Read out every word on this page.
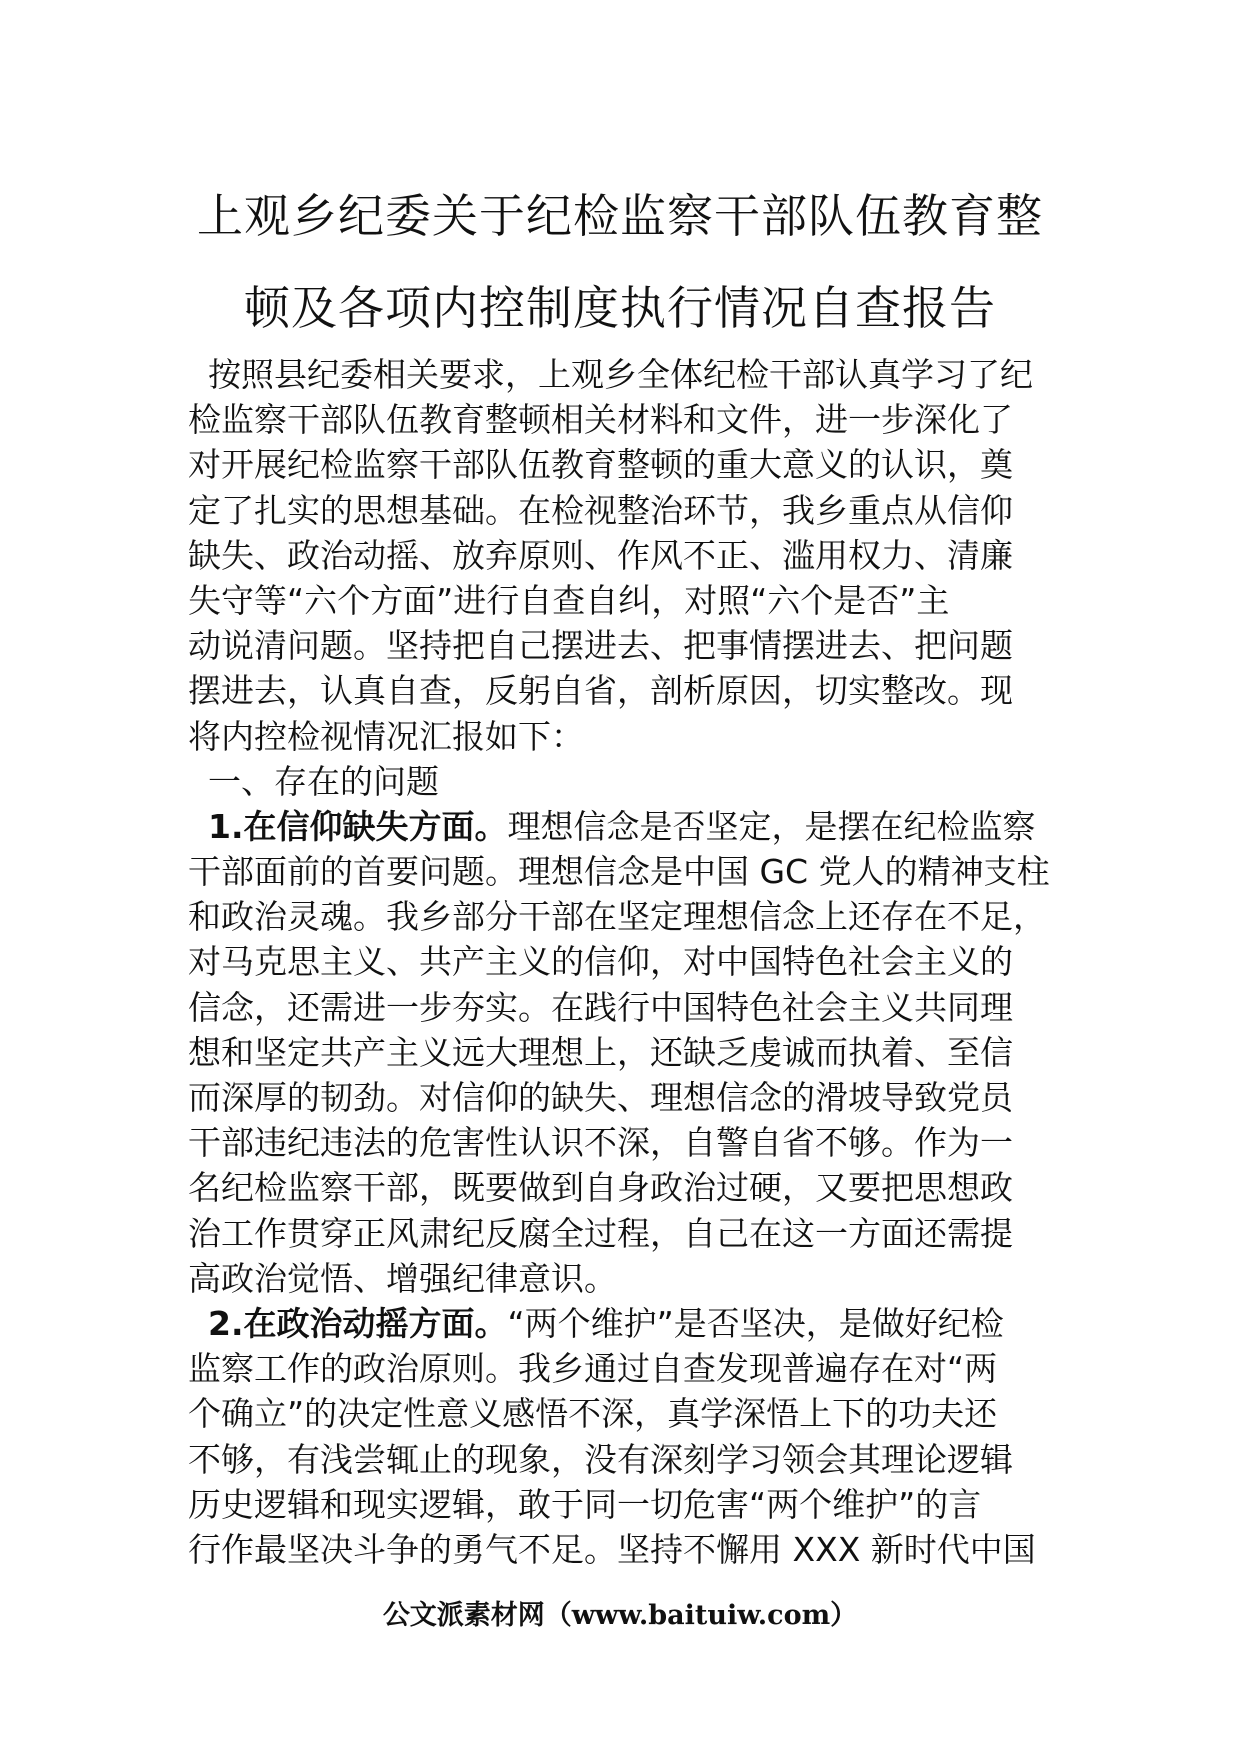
上观乡纪委关于纪检监察干部队伍教育整
顿及各项内控制度执行情况自查报告
按照县纪委相关要求，上观乡全体纪检干部认真学习了纪
检监察干部队伍教育整顿相关材料和文件，进一步深化了
对开展纪检监察干部队伍教育整顿的重大意义的认识，奠
定了扎实的思想基础。在检视整治环节，我乡重点从信仰
缺失、政治动摇、放弃原则、作风不正、滥用权力、清廉
失守等“六个方面”进行自查自纠，对照“六个是否”主
动说清问题。坚持把自己摆进去、把事情摆进去、把问题
摆进去，认真自查，反躬自省，剖析原因，切实整改。现
将内控检视情况汇报如下：
一、存在的问题
1.在信仰缺失方面。理想信念是否坚定，是摆在纪检监察
干部面前的首要问题。理想信念是中国 GC 党人的精神支柱
和政治灵魂。我乡部分干部在坚定理想信念上还存在不足，
对马克思主义、共产主义的信仰，对中国特色社会主义的
信念，还需进一步夯实。在践行中国特色社会主义共同理
想和坚定共产主义远大理想上，还缺乏虔诚而执着、至信
而深厚的韧劲。对信仰的缺失、理想信念的滑坡导致党员
干部违纪违法的危害性认识不深，自警自省不够。作为一
名纪检监察干部，既要做到自身政治过硬，又要把思想政
治工作贯穿正风肃纪反腐全过程，自己在这一方面还需提
高政治觉悟、增强纪律意识。
2.在政治动摇方面。“两个维护”是否坚决，是做好纪检
监察工作的政治原则。我乡通过自查发现普遍存在对“两
个确立”的决定性意义感悟不深，真学深悟上下的功夫还
不够，有浅尝辄止的现象，没有深刻学习领会其理论逻辑
历史逻辑和现实逻辑，敢于同一切危害“两个维护”的言
行作最坚决斗争的勇气不足。坚持不懈用 XXX 新时代中国
公文派素材网（www.baituiw.com）
